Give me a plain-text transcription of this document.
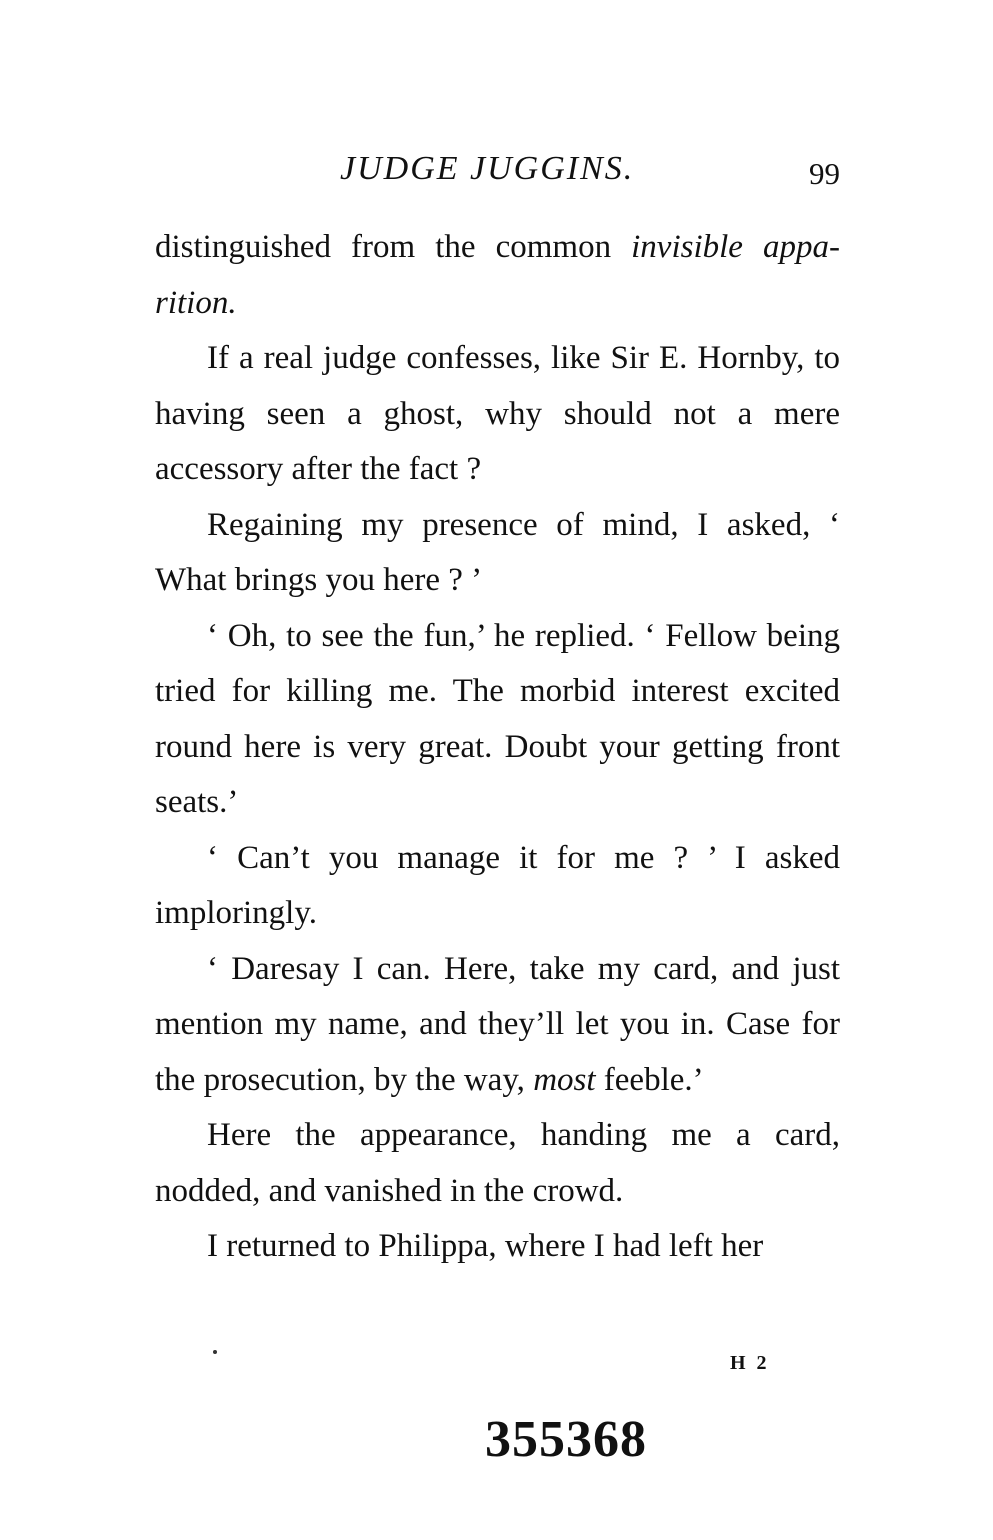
JUDGE JUGGINS.	99

distinguished from the common invisible appa-rition.

If a real judge confesses, like Sir E. Hornby, to having seen a ghost, why should not a mere accessory after the fact ?

Regaining my presence of mind, I asked, ‘ What brings you here ? ’

‘ Oh, to see the fun,’ he replied. ‘ Fellow being tried for killing me. The morbid interest excited round here is very great. Doubt your getting front seats.’

‘ Can’t you manage it for me ? ’ I asked imploringly.

‘ Daresay I can. Here, take my card, and just mention my name, and they’ll let you in. Case for the prosecution, by the way, most feeble.’

Here the appearance, handing me a card, nodded, and vanished in the crowd.

I returned to Philippa, where I had left her

H 2
355368
